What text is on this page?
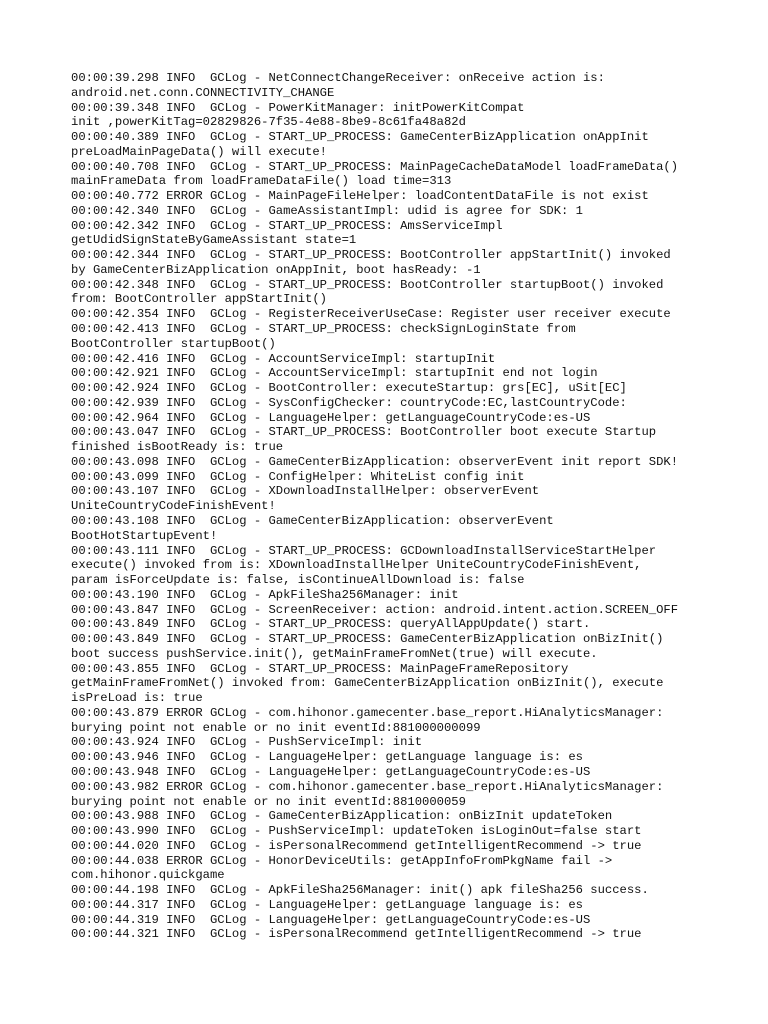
00:00:39.298 INFO  GCLog - NetConnectChangeReceiver: onReceive action is:
android.net.conn.CONNECTIVITY_CHANGE
00:00:39.348 INFO  GCLog - PowerKitManager: initPowerKitCompat
init ,powerKitTag=02829826-7f35-4e88-8be9-8c61fa48a82d
00:00:40.389 INFO  GCLog - START_UP_PROCESS: GameCenterBizApplication onAppInit
preLoadMainPageData() will execute!
00:00:40.708 INFO  GCLog - START_UP_PROCESS: MainPageCacheDataModel loadFrameData()
mainFrameData from loadFrameDataFile() load time=313
00:00:40.772 ERROR GCLog - MainPageFileHelper: loadContentDataFile is not exist
00:00:42.340 INFO  GCLog - GameAssistantImpl: udid is agree for SDK: 1
00:00:42.342 INFO  GCLog - START_UP_PROCESS: AmsServiceImpl
getUdidSignStateByGameAssistant state=1
00:00:42.344 INFO  GCLog - START_UP_PROCESS: BootController appStartInit() invoked
by GameCenterBizApplication onAppInit, boot hasReady: -1
00:00:42.348 INFO  GCLog - START_UP_PROCESS: BootController startupBoot() invoked
from: BootController appStartInit()
00:00:42.354 INFO  GCLog - RegisterReceiverUseCase: Register user receiver execute
00:00:42.413 INFO  GCLog - START_UP_PROCESS: checkSignLoginState from
BootController startupBoot()
00:00:42.416 INFO  GCLog - AccountServiceImpl: startupInit
00:00:42.921 INFO  GCLog - AccountServiceImpl: startupInit end not login
00:00:42.924 INFO  GCLog - BootController: executeStartup: grs[EC], uSit[EC]
00:00:42.939 INFO  GCLog - SysConfigChecker: countryCode:EC,lastCountryCode:
00:00:42.964 INFO  GCLog - LanguageHelper: getLanguageCountryCode:es-US
00:00:43.047 INFO  GCLog - START_UP_PROCESS: BootController boot execute Startup
finished isBootReady is: true
00:00:43.098 INFO  GCLog - GameCenterBizApplication: observerEvent init report SDK!
00:00:43.099 INFO  GCLog - ConfigHelper: WhiteList config init
00:00:43.107 INFO  GCLog - XDownloadInstallHelper: observerEvent
UniteCountryCodeFinishEvent!
00:00:43.108 INFO  GCLog - GameCenterBizApplication: observerEvent
BootHotStartupEvent!
00:00:43.111 INFO  GCLog - START_UP_PROCESS: GCDownloadInstallServiceStartHelper
execute() invoked from is: XDownloadInstallHelper UniteCountryCodeFinishEvent,
param isForceUpdate is: false, isContinueAllDownload is: false
00:00:43.190 INFO  GCLog - ApkFileSha256Manager: init
00:00:43.847 INFO  GCLog - ScreenReceiver: action: android.intent.action.SCREEN_OFF
00:00:43.849 INFO  GCLog - START_UP_PROCESS: queryAllAppUpdate() start.
00:00:43.849 INFO  GCLog - START_UP_PROCESS: GameCenterBizApplication onBizInit()
boot success pushService.init(), getMainFrameFromNet(true) will execute.
00:00:43.855 INFO  GCLog - START_UP_PROCESS: MainPageFrameRepository
getMainFrameFromNet() invoked from: GameCenterBizApplication onBizInit(), execute
isPreLoad is: true
00:00:43.879 ERROR GCLog - com.hihonor.gamecenter.base_report.HiAnalyticsManager:
burying point not enable or no init eventId:881000000099
00:00:43.924 INFO  GCLog - PushServiceImpl: init
00:00:43.946 INFO  GCLog - LanguageHelper: getLanguage language is: es
00:00:43.948 INFO  GCLog - LanguageHelper: getLanguageCountryCode:es-US
00:00:43.982 ERROR GCLog - com.hihonor.gamecenter.base_report.HiAnalyticsManager:
burying point not enable or no init eventId:8810000059
00:00:43.988 INFO  GCLog - GameCenterBizApplication: onBizInit updateToken
00:00:43.990 INFO  GCLog - PushServiceImpl: updateToken isLoginOut=false start
00:00:44.020 INFO  GCLog - isPersonalRecommend getIntelligentRecommend -> true
00:00:44.038 ERROR GCLog - HonorDeviceUtils: getAppInfoFromPkgName fail ->
com.hihonor.quickgame
00:00:44.198 INFO  GCLog - ApkFileSha256Manager: init() apk fileSha256 success.
00:00:44.317 INFO  GCLog - LanguageHelper: getLanguage language is: es
00:00:44.319 INFO  GCLog - LanguageHelper: getLanguageCountryCode:es-US
00:00:44.321 INFO  GCLog - isPersonalRecommend getIntelligentRecommend -> true
